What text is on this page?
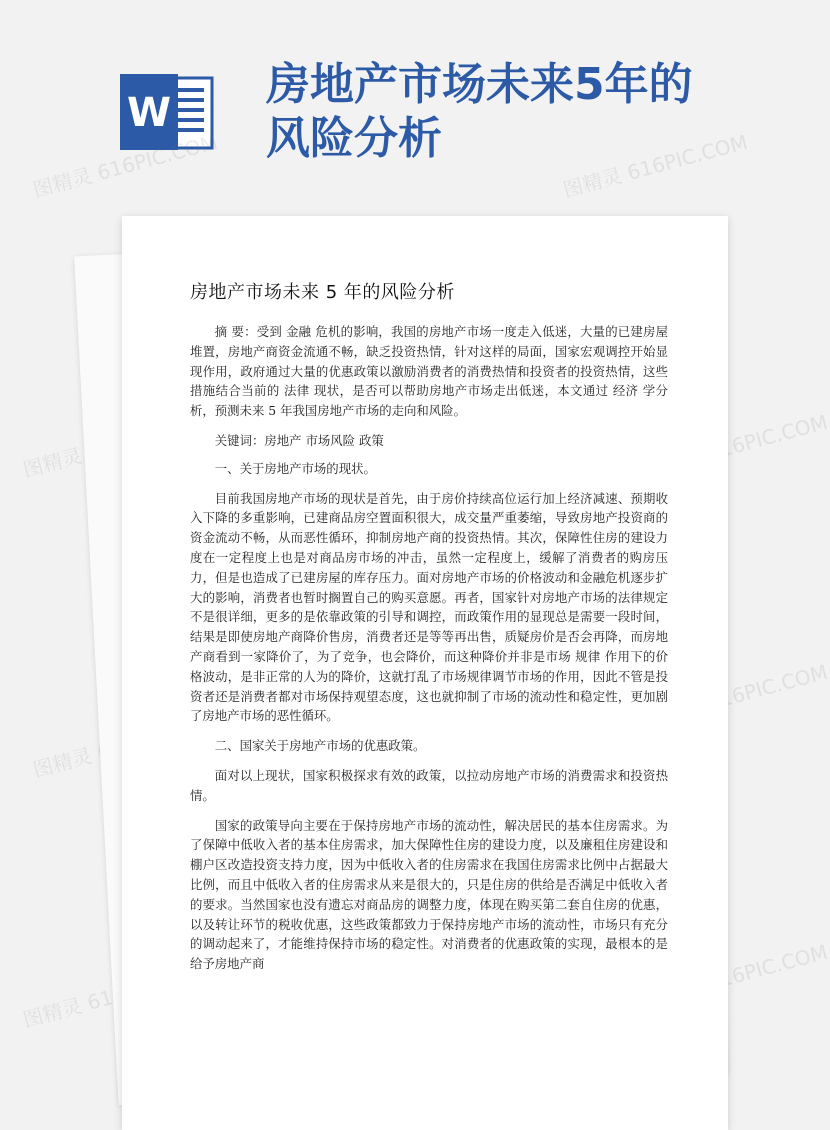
W
房地产市场未来5年的
风险分析
图精灵 616PIC.COM	图精灵 616PIC.COM
图精灵	图精灵 616PIC.COM
图精灵
图精灵 616PIC.COM
图精灵
图精灵 616PIC.COM
房地产市场未来 5 年的风险分析

摘 要：受到 金融 危机的影响，我国的房地产市场一度走入低迷，大量的已建房屋堆置，房地产商资金流通不畅，缺乏投资热情，针对这样的局面，国家宏观调控开始显现作用，政府通过大量的优惠政策以激励消费者的消费热情和投资者的投资热情，这些措施结合当前的 法律 现状，是否可以帮助房地产市场走出低迷，本文通过 经济 学分析，预测未来 5 年我国房地产市场的走向和风险。

关键词：房地产 市场风险 政策

一、关于房地产市场的现状。

目前我国房地产市场的现状是首先，由于房价持续高位运行加上经济减速、预期收入下降的多重影响，已建商品房空置面积很大，成交量严重萎缩，导致房地产投资商的资金流动不畅，从而恶性循环，抑制房地产商的投资热情。其次，保障性住房的建设力度在一定程度上也是对商品房市场的冲击，虽然一定程度上，缓解了消费者的购房压力，但是也造成了已建房屋的库存压力。面对房地产市场的价格波动和金融危机逐步扩大的影响，消费者也暂时搁置自己的购买意愿。再者，国家针对房地产市场的法律规定不是很详细，更多的是依靠政策的引导和调控，而政策作用的显现总是需要一段时间，结果是即使房地产商降价售房，消费者还是等等再出售，质疑房价是否会再降，而房地产商看到一家降价了，为了竞争，也会降价，而这种降价并非是市场 规律 作用下的价格波动，是非正常的人为的降价，这就打乱了市场规律调节市场的作用，因此不管是投资者还是消费者都对市场保持观望态度，这也就抑制了市场的流动性和稳定性，更加剧了房地产市场的恶性循环。

二、国家关于房地产市场的优惠政策。

面对以上现状，国家积极探求有效的政策，以拉动房地产市场的消费需求和投资热情。

国家的政策导向主要在于保持房地产市场的流动性，解决居民的基本住房需求。为了保障中低收入者的基本住房需求，加大保障性住房的建设力度，以及廉租住房建设和棚户区改造投资支持力度，因为中低收入者的住房需求在我国住房需求比例中占据最大比例，而且中低收入者的住房需求从来是很大的，只是住房的供给是否满足中低收入者的要求。当然国家也没有遗忘对商品房的调整力度，体现在购买第二套自住房的优惠，以及转让环节的税收优惠，这些政策都致力于保持房地产市场的流动性，市场只有充分的调动起来了，才能维持保持市场的稳定性。对消费者的优惠政策的实现，最根本的是给予房地产商
